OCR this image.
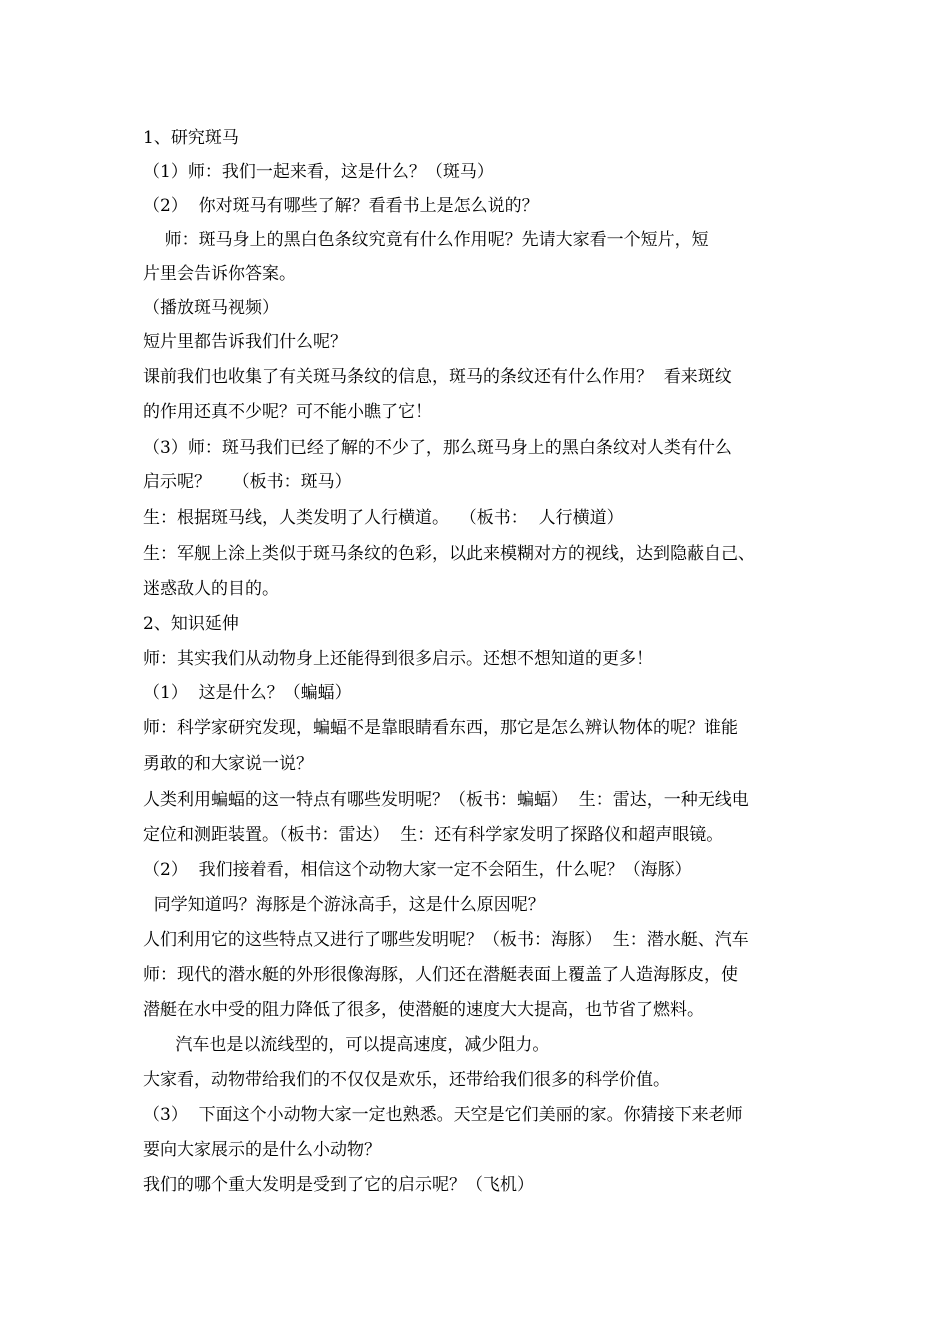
1、研究斑马
（1）师：我们一起来看，这是什么？（斑马）
（2）  你对斑马有哪些了解？看看书上是怎么说的？
师：斑马身上的黑白色条纹究竟有什么作用呢？先请大家看一个短片，短
片里会告诉你答案。
（播放斑马视频）
短片里都告诉我们什么呢？
课前我们也收集了有关斑马条纹的信息，斑马的条纹还有什么作用？  看来斑纹
的作用还真不少呢？可不能小瞧了它！
（3）师：斑马我们已经了解的不少了，那么斑马身上的黑白条纹对人类有什么
启示呢？    （板书：斑马）
生：根据斑马线，人类发明了人行横道。  （板书：  人行横道）
生：军舰上涂上类似于斑马条纹的色彩，以此来模糊对方的视线，达到隐蔽自己、
迷惑敌人的目的。
2、知识延伸
师：其实我们从动物身上还能得到很多启示。还想不想知道的更多！
（1）  这是什么？（蝙蝠）
师：科学家研究发现，蝙蝠不是靠眼睛看东西，那它是怎么辨认物体的呢？谁能
勇敢的和大家说一说？
人类利用蝙蝠的这一特点有哪些发明呢？（板书：蝙蝠）  生：雷达，一种无线电
定位和测距装置。（板书：雷达）  生：还有科学家发明了探路仪和超声眼镜。
（2）  我们接着看，相信这个动物大家一定不会陌生，什么呢？（海豚）
同学知道吗？海豚是个游泳高手，这是什么原因呢？
人们利用它的这些特点又进行了哪些发明呢？（板书：海豚）  生：潜水艇、汽车
师：现代的潜水艇的外形很像海豚，人们还在潜艇表面上覆盖了人造海豚皮，使
潜艇在水中受的阻力降低了很多，使潜艇的速度大大提高，也节省了燃料。
汽车也是以流线型的，可以提高速度，减少阻力。
大家看，动物带给我们的不仅仅是欢乐，还带给我们很多的科学价值。
（3）  下面这个小动物大家一定也熟悉。天空是它们美丽的家。你猜接下来老师
要向大家展示的是什么小动物？
我们的哪个重大发明是受到了它的启示呢？（飞机）
